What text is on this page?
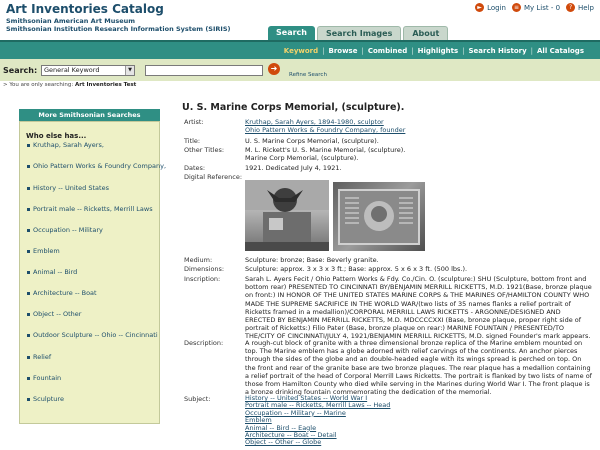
Art Inventories Catalog
Smithsonian American Art Museum
Smithsonian Institution Research Information System (SIRIS)
► Login	≡ My List - 0	? Help
Search	Search Images	About
Keyword | Browse | Combined | Highlights | Search History | All Catalogs
Search:	General Keyword	▼	➜
Refine Search
> You are only searching: Art Inventories Test
More Smithsonian Searches
Who else has...
Kruthap, Sarah Ayers,
Ohio Pattern Works & Foundry Company,
History -- United States
Portrait male -- Ricketts, Merrill Laws
Occupation -- Military
Emblem
Animal -- Bird
Architecture -- Boat
Object -- Other
Outdoor Sculpture -- Ohio -- Cincinnati
Relief
Fountain
Sculpture
U. S. Marine Corps Memorial, (sculpture).
Artist:	Kruthap, Sarah Ayers, 1894-1980, sculptor
Ohio Pattern Works & Foundry Company, founder
Title:	U. S. Marine Corps Memorial, (sculpture).
Other Titles:	M. L. Rickett's U. S. Marine Memorial, (sculpture).
Marine Corp Memorial, (sculpture).
Dates:	1921. Dedicated July 4, 1921.
Digital Reference:
Medium:	Sculpture: bronze; Base: Beverly granite.
Dimensions:	Sculpture: approx. 3 x 3 x 3 ft.; Base: approx. 5 x 6 x 3 ft. (500 lbs.).
Inscription:	Sarah L. Ayers Fecit / Ohio Pattern Works & Fdy. Co./Cin. O. (sculpture:) SHU (Sculpture, bottom front and bottom rear) PRESENTED TO CINCINNATI BY/BENJAMIN MERRILL RICKETTS, M.D. 1921(Base, bronze plaque on front:) IN HONOR OF THE UNITED STATES MARINE CORPS & THE MARINES OF/HAMILTON COUNTY WHO MADE THE SUPREME SACRIFICE IN THE WORLD WAR/(two lists of 35 names flanks a relief portrait of Ricketts framed in a medallion)/CORPORAL MERRILL LAWS RICKETTS - ARGONNE/DESIGNED AND ERECTED BY BENJAMIN MERRILL RICKETTS, M.D. MDCCCCXXI (Base, bronze plaque, proper right side of portrait of Ricketts:) Filio Pater (Base, bronze plaque on rear:) MARINE FOUNTAIN / PRESENTED/TO THE/CITY OF CINCINNATI/JULY 4, 1921/BENJAMIN MERRILL RICKETTS, M.D. signed Founder's mark appears.
Description:	A rough-cut block of granite with a three dimensional bronze replica of the Marine emblem mounted on top. The Marine emblem has a globe adorned with relief carvings of the continents. An anchor pierces through the sides of the globe and an double-headed eagle with its wings spread is perched on top. On the front and rear of the granite base are two bronze plaques. The rear plaque has a medallion containing a relief portrait of the head of Corporal Merrill Laws Ricketts. The portrait is flanked by two lists of name of those from Hamilton County who died while serving in the Marines during World War I. The front plaque is a bronze drinking fountain commemorating the dedication of the memorial.
Subject:	History -- United States -- World War I
Portrait male -- Ricketts, Merrill Laws -- Head
Occupation -- Military -- Marine
Emblem
Animal -- Bird -- Eagle
Architecture -- Boat -- Detail
Object -- Other -- Globe
